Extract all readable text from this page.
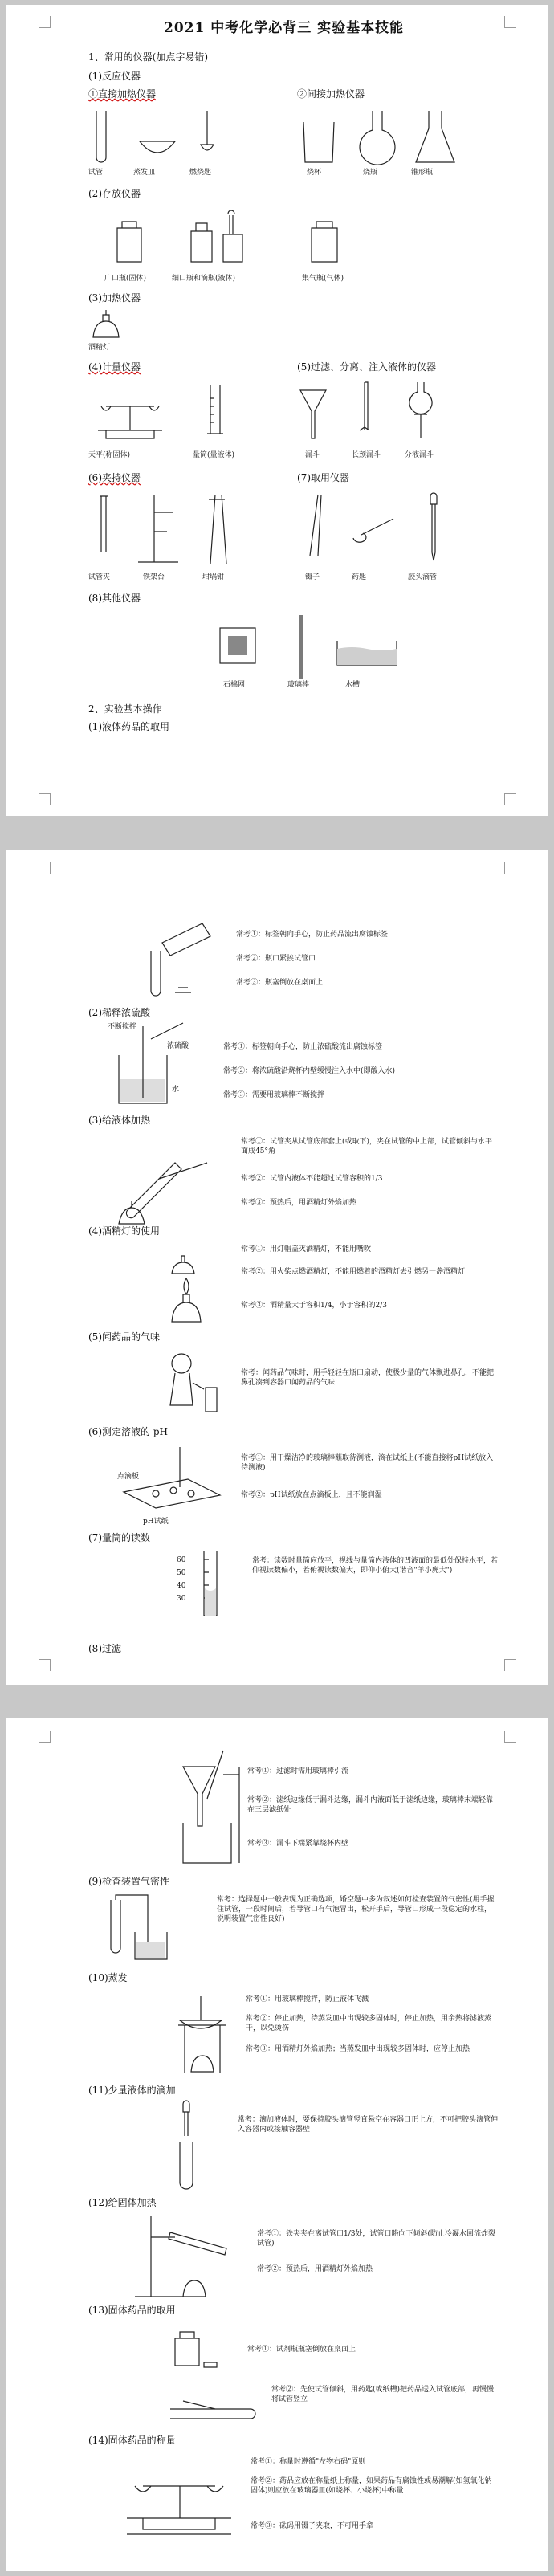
2021 中考化学必背三 实验基本技能
1、常用的仪器(加点字易错)
(1)反应仪器
①直接加热仪器	②间接加热仪器
试管	蒸发皿	燃烧匙	烧杯	烧瓶	锥形瓶
(2)存放仪器
广口瓶(固体)	细口瓶和滴瓶(液体)	集气瓶(气体)
(3)加热仪器
酒精灯
(4)计量仪器	(5)过滤、分离、注入液体的仪器
天平(称固体)	量筒(量液体)	漏斗	长颈漏斗	分液漏斗
(6)夹持仪器	(7)取用仪器
试管夹	铁架台	坩埚钳	镊子	药匙	胶头滴管
(8)其他仪器
石棉网	玻璃棒	水槽
2、实验基本操作
(1)液体药品的取用
常考①：标签朝向手心，防止药品流出腐蚀标签
常考②：瓶口紧挨试管口
常考③：瓶塞倒放在桌面上
(2)稀释浓硫酸
不断搅拌
浓硫酸
水
常考①：标签朝向手心，防止浓硫酸流出腐蚀标签
常考②：将浓硫酸沿烧杯内壁缓慢注入水中(即酸入水)
常考③：需要用玻璃棒不断搅拌
(3)给液体加热
常考①：试管夹从试管底部套上(或取下)，夹在试管的中上部，试管倾斜与水平面成45°角
常考②：试管内液体不能超过试管容积的1/3
常考③：预热后，用酒精灯外焰加热
(4)酒精灯的使用
常考①：用灯帽盖灭酒精灯，不能用嘴吹
常考②：用火柴点燃酒精灯，不能用燃着的酒精灯去引燃另一盏酒精灯
常考③：酒精量大于容积1/4，小于容积的2/3
(5)闻药品的气味
常考：闻药品气味时，用手轻轻在瓶口扇动，使极少量的气体飘进鼻孔，不能把鼻孔凑到容器口闻药品的气味
(6)测定溶液的 pH
点滴板
pH试纸
常考①：用干燥洁净的玻璃棒蘸取待测液，滴在试纸上(不能直接将pH试纸放入待测液)
常考②：pH试纸放在点滴板上，且不能润湿
(7)量筒的读数
60
50
40
30
常考：读数时量筒应放平，视线与量筒内液体的凹液面的最低处保持水平，若仰视读数偏小，若俯视读数偏大，即仰小俯大(谐音"羊小虎大")
(8)过滤
常考①：过滤时需用玻璃棒引流
常考②：滤纸边缘低于漏斗边缘，漏斗内液面低于滤纸边缘，玻璃棒末端轻靠在三层滤纸处
常考③：漏斗下端紧靠烧杯内壁
(9)检查装置气密性
常考：选择题中一般表现为正确选项，婚空题中多为叙述如何检查装置的气密性(用手握住试管，一段时间后，若导管口有气泡冒出，松开手后，导管口形成一段稳定的水柱，说明装置气密性良好)
(10)蒸发
常考①：用玻璃棒搅拌，防止液体飞溅
常考②：停止加热，待蒸发皿中出现较多固体时，停止加热，用余热将滤液蒸干，以免烫伤
常考③：用酒精灯外焰加热；当蒸发皿中出现较多固体时，应停止加热
(11)少量液体的滴加
常考：滴加液体时，要保持胶头滴管竖直悬空在容器口正上方，不可把胶头滴管伸入容器内或接触容器壁
(12)给固体加热
常考①：铁夹夹在离试管口1/3处，试管口略向下倾斜(防止冷凝水回流炸裂试管)
常考②：预热后，用酒精灯外焰加热
(13)固体药品的取用
常考①：试剂瓶瓶塞倒放在桌面上
常考②：先使试管倾斜，用药匙(或纸槽)把药品送入试管底部，再慢慢将试管竖立
(14)固体药品的称量
常考①：称量时遵循"左物右码"原则
常考②：药品应放在称量纸上称量，如果药品有腐蚀性或易潮解(如氢氧化钠固体)则应放在玻璃器皿(如烧杯、小烧杯)中称量
常考③：砝码用镊子夹取，不可用手拿
